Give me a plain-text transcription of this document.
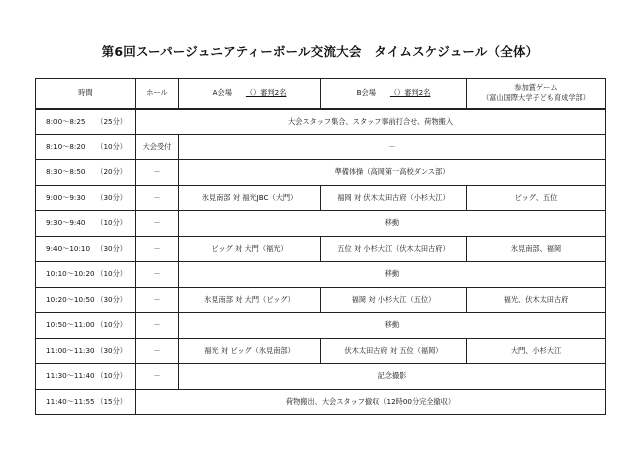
第6回スーパージュニアティーボール交流大会　タイムスケジュール（全体）
時間	ホール	A会場 （）審判2名	B会場 （）審判2名	参加賞ゲーム
（富山国際大学子ども育成学部）

8:00～8:25 （25分）	大会スタッフ集合、スタッフ事前打合せ、荷物搬入			

8:10～8:20 （10分）	大会受付	－		

8:30～8:50 （20分）	－	準備体操（高岡第一高校ダンス部）		

9:00～9:30 （30分）	－	氷見南部 対 福光JBC（大門）	福岡 対 伏木太田古府（小杉大江）	ビッグ、五位

9:30～9:40 （10分）	－	移動		

9:40～10:10 （30分）	－	ビッグ 対 大門（福光）	五位 対 小杉大江（伏木太田古府）	氷見南部、福岡

10:10～10:20 （10分）	－	移動		

10:20～10:50 （30分）	－	氷見南部 対 大門（ビッグ）	福岡 対 小杉大江（五位）	福光、伏木太田古府

10:50～11:00 （10分）	－	移動		

11:00～11:30 （30分）	－	福光 対 ビッグ（氷見南部）	伏木太田古府 対 五位（福岡）	大門、小杉大江

11:30～11:40 （10分）	－	記念撮影		

11:40～11:55 （15分）	荷物搬出、大会スタッフ撤収（12時00分完全撤収）			
